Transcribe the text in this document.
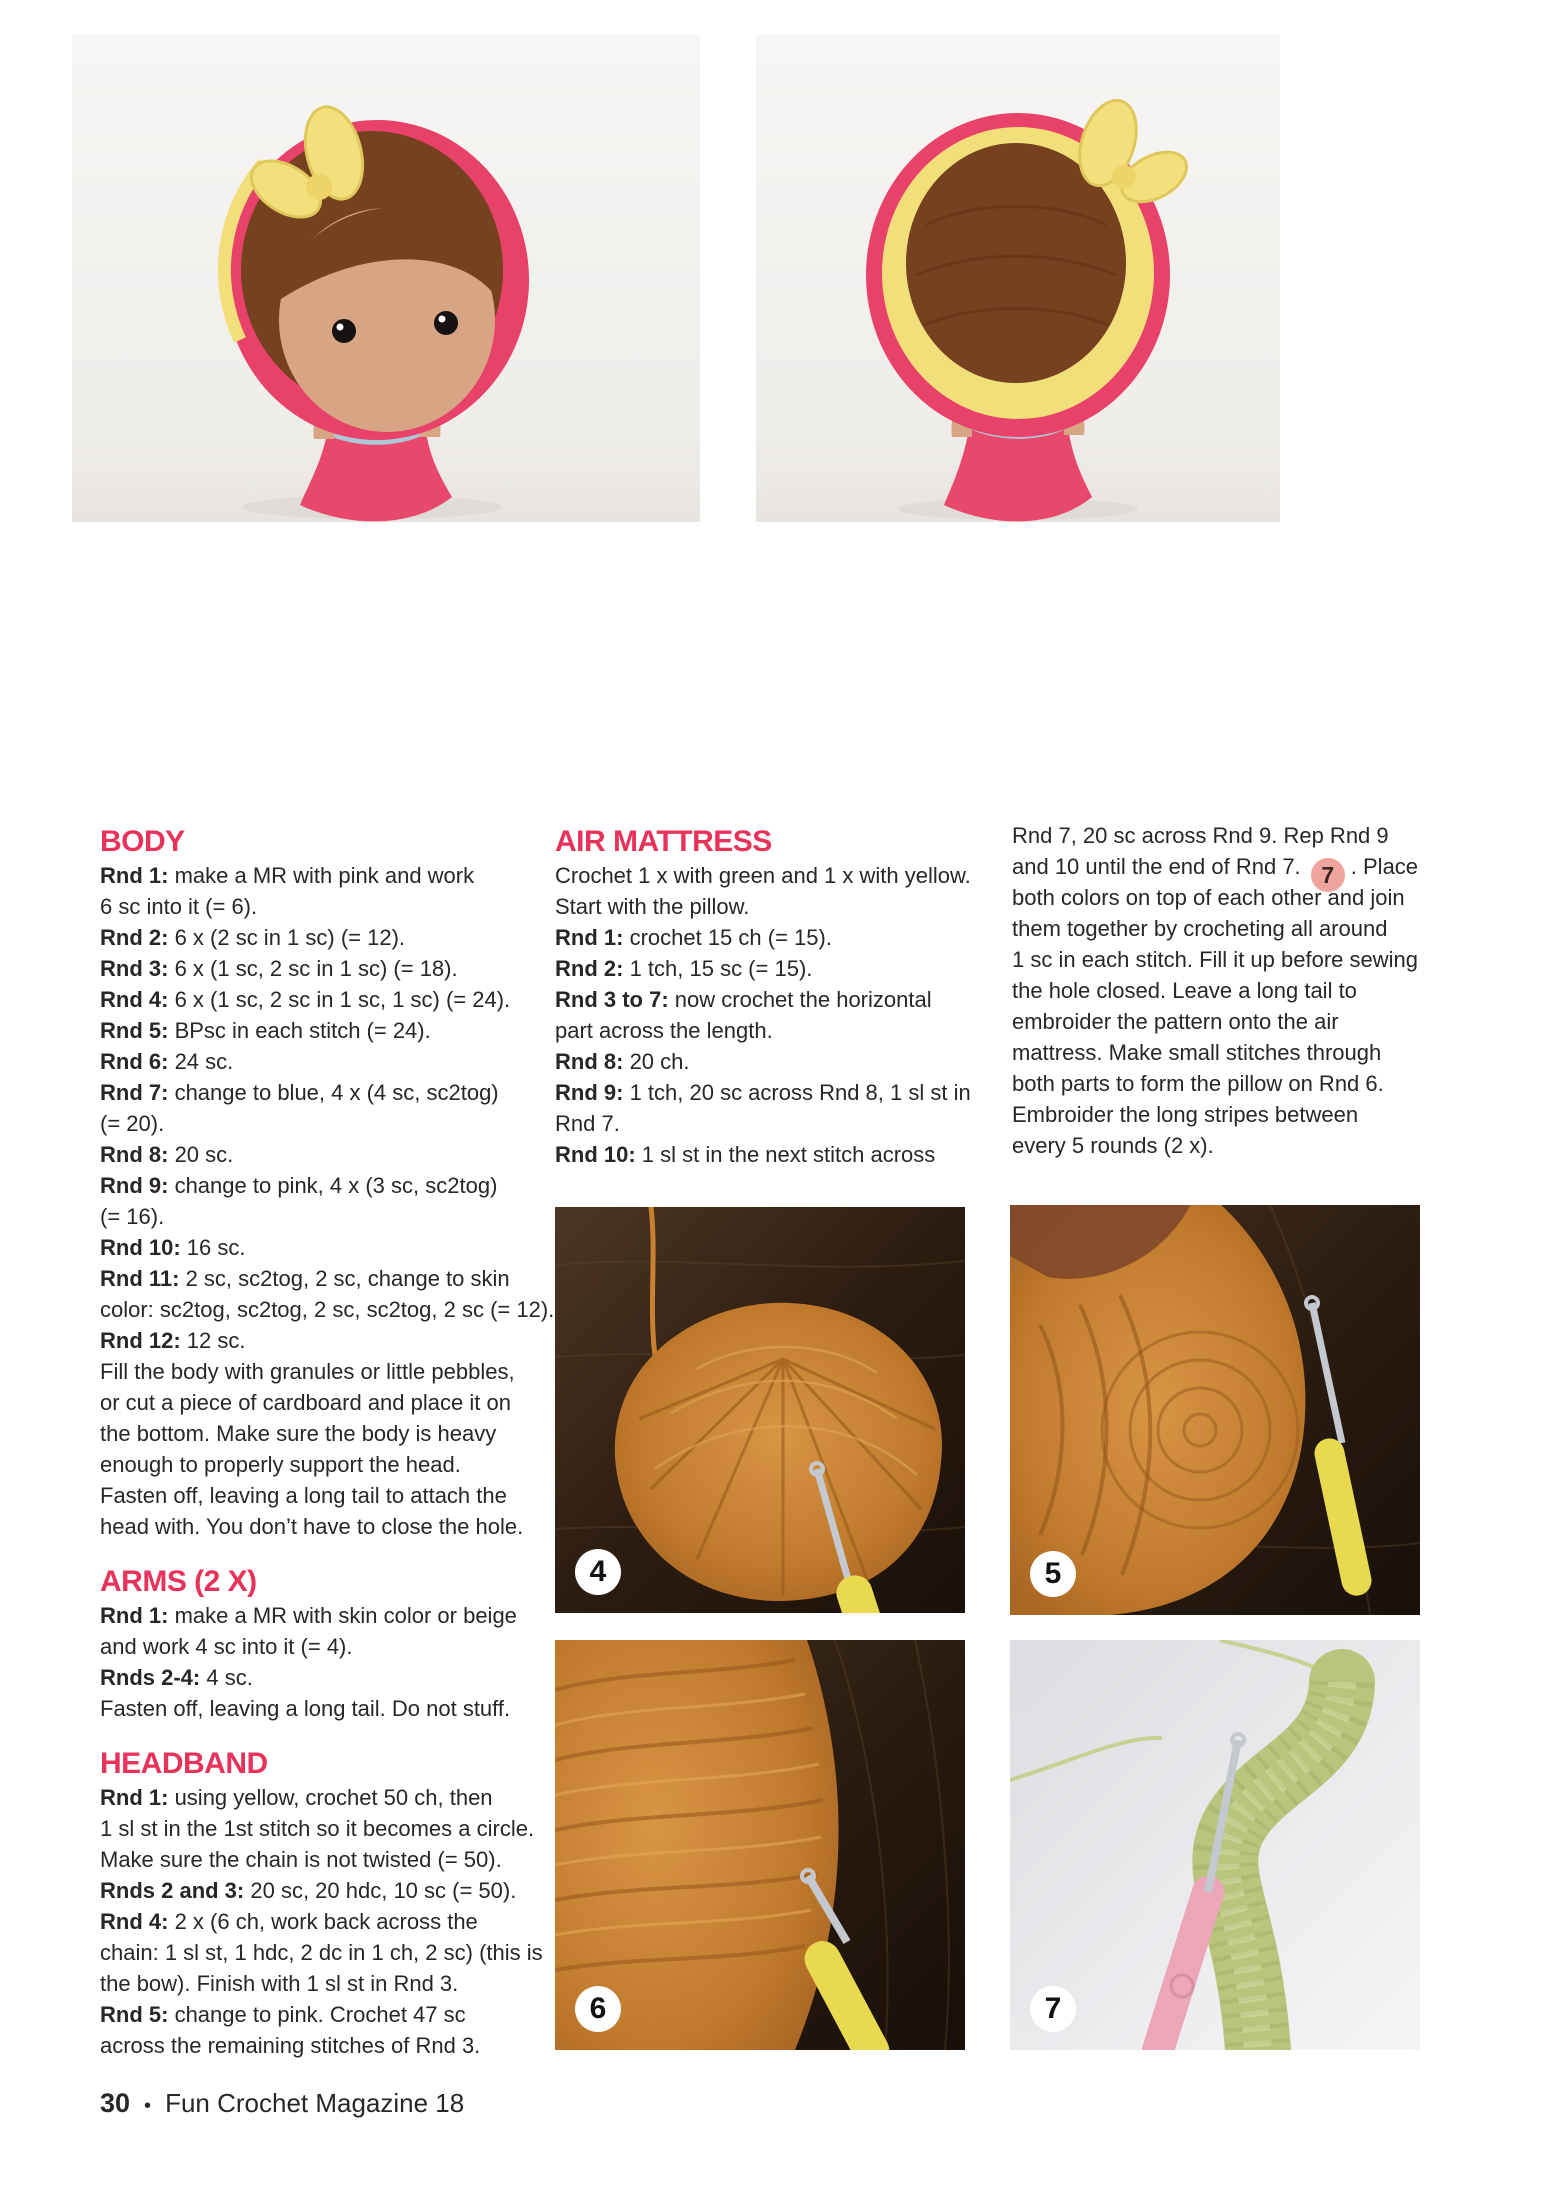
BODY
Rnd 1: make a MR with pink and work
6 sc into it (= 6).
Rnd 2: 6 x (2 sc in 1 sc) (= 12).
Rnd 3: 6 x (1 sc, 2 sc in 1 sc) (= 18).
Rnd 4: 6 x (1 sc, 2 sc in 1 sc, 1 sc) (= 24).
Rnd 5: BPsc in each stitch (= 24).
Rnd 6: 24 sc.
Rnd 7: change to blue, 4 x (4 sc, sc2tog)
(= 20).
Rnd 8: 20 sc.
Rnd 9: change to pink, 4 x (3 sc, sc2tog)
(= 16).
Rnd 10: 16 sc.
Rnd 11: 2 sc, sc2tog, 2 sc, change to skin
color: sc2tog, sc2tog, 2 sc, sc2tog, 2 sc (= 12).
Rnd 12: 12 sc.
Fill the body with granules or little pebbles,
or cut a piece of cardboard and place it on
the bottom. Make sure the body is heavy
enough to properly support the head.
Fasten off, leaving a long tail to attach the
head with. You don’t have to close the hole.
ARMS (2 X)
Rnd 1: make a MR with skin color or beige
and work 4 sc into it (= 4).
Rnds 2-4: 4 sc.
Fasten off, leaving a long tail. Do not stuff.
HEADBAND
Rnd 1: using yellow, crochet 50 ch, then
1 sl st in the 1st stitch so it becomes a circle.
Make sure the chain is not twisted (= 50).
Rnds 2 and 3: 20 sc, 20 hdc, 10 sc (= 50).
Rnd 4: 2 x (6 ch, work back across the
chain: 1 sl st, 1 hdc, 2 dc in 1 ch, 2 sc) (this is
the bow). Finish with 1 sl st in Rnd 3.
Rnd 5: change to pink. Crochet 47 sc
across the remaining stitches of Rnd 3.
AIR MATTRESS
Crochet 1 x with green and 1 x with yellow.
Start with the pillow.
Rnd 1: crochet 15 ch (= 15).
Rnd 2: 1 tch, 15 sc (= 15).
Rnd 3 to 7: now crochet the horizontal
part across the length.
Rnd 8: 20 ch.
Rnd 9: 1 tch, 20 sc across Rnd 8, 1 sl st in
Rnd 7.
Rnd 10: 1 sl st in the next stitch across
Rnd 7, 20 sc across Rnd 9. Rep Rnd 9
and 10 until the end of Rnd 7. 7 . Place
both colors on top of each other and join
them together by crocheting all around
1 sc in each stitch. Fill it up before sewing
the hole closed. Leave a long tail to
embroider the pattern onto the air
mattress. Make small stitches through
both parts to form the pillow on Rnd 6.
Embroider the long stripes between
every 5 rounds (2 x).
4	5
6	7
30 • Fun Crochet Magazine 18
